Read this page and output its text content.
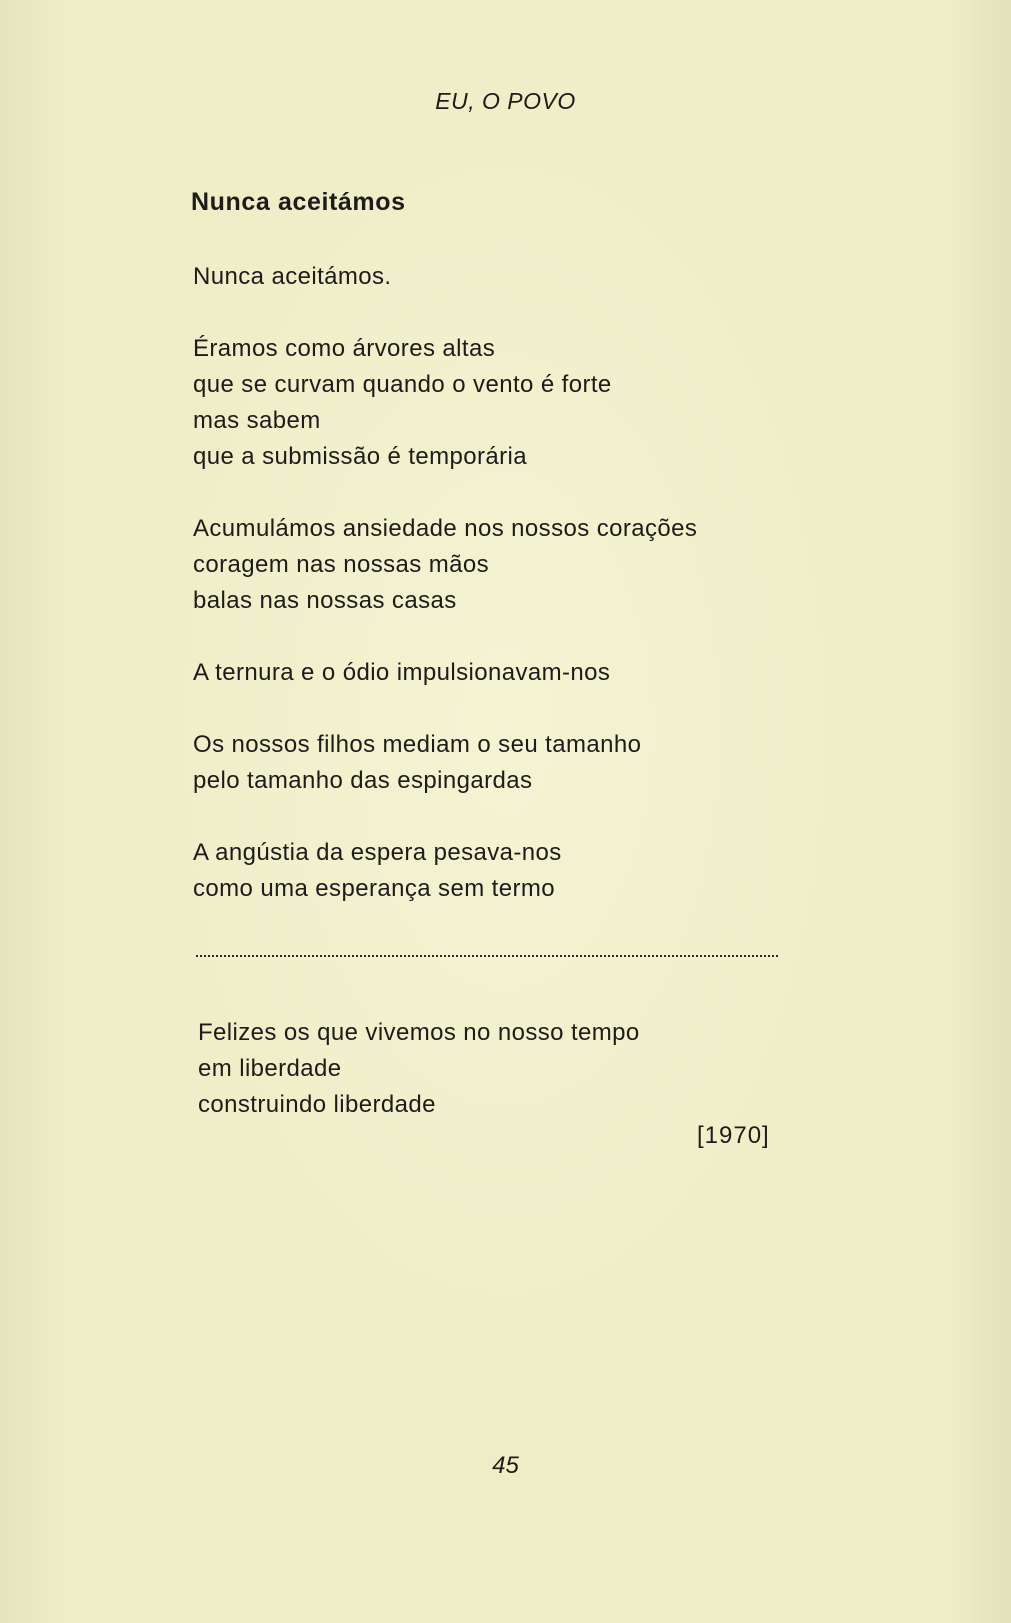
EU, O POVO
Nunca aceitámos
Nunca aceitámos.
Éramos como árvores altas
que se curvam quando o vento é forte
mas sabem
que a submissão é temporária
Acumulámos ansiedade nos nossos corações
coragem nas nossas mãos
balas nas nossas casas
A ternura e o ódio impulsionavam-nos
Os nossos filhos mediam o seu tamanho
pelo tamanho das espingardas
A angústia da espera pesava-nos
como uma esperança sem termo
Felizes os que vivemos no nosso tempo
em liberdade
construindo liberdade
[1970]
45
